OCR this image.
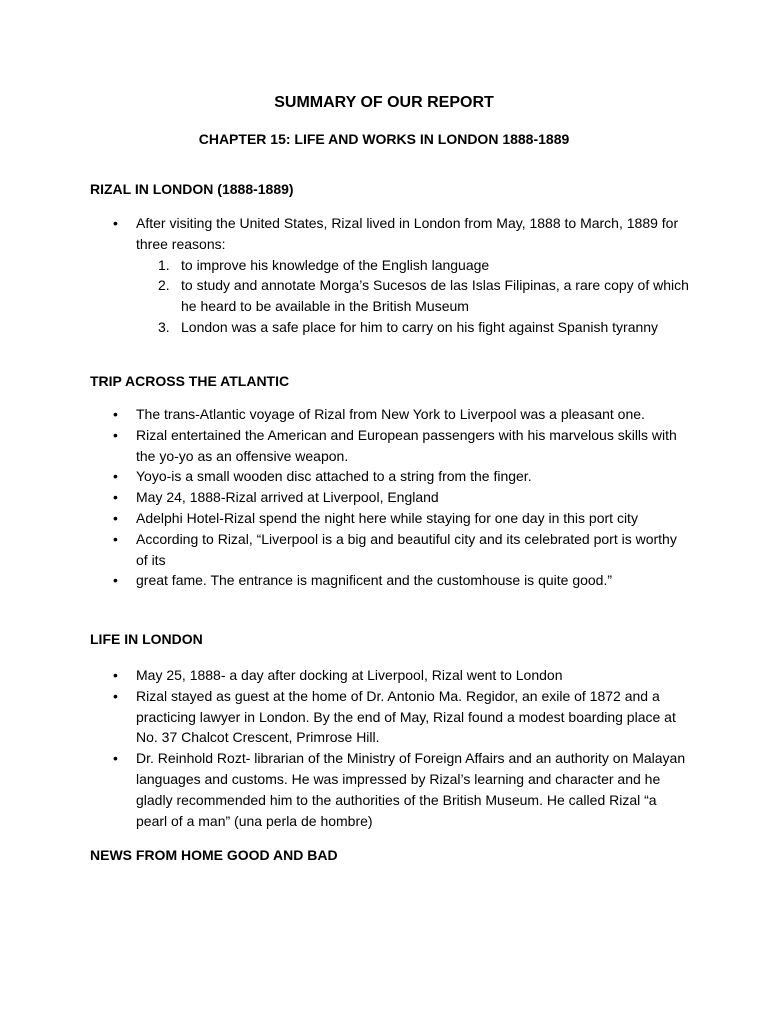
SUMMARY OF OUR REPORT
CHAPTER 15: LIFE AND WORKS IN LONDON 1888-1889
RIZAL IN LONDON (1888-1889)
• After visiting the United States, Rizal lived in London from May, 1888 to March, 1889 for three reasons:
1. to improve his knowledge of the English language
2. to study and annotate Morga’s Sucesos de las Islas Filipinas, a rare copy of which he heard to be available in the British Museum
3. London was a safe place for him to carry on his fight against Spanish tyranny
TRIP ACROSS THE ATLANTIC
• The trans-Atlantic voyage of Rizal from New York to Liverpool was a pleasant one.
• Rizal entertained the American and European passengers with his marvelous skills with the yo-yo as an offensive weapon.
• Yoyo-is a small wooden disc attached to a string from the finger.
• May 24, 1888-Rizal arrived at Liverpool, England
• Adelphi Hotel-Rizal spend the night here while staying for one day in this port city
• According to Rizal, “Liverpool is a big and beautiful city and its celebrated port is worthy of its
• great fame. The entrance is magnificent and the customhouse is quite good.”
LIFE IN LONDON
• May 25, 1888- a day after docking at Liverpool, Rizal went to London
• Rizal stayed as guest at the home of Dr. Antonio Ma. Regidor, an exile of 1872 and a practicing lawyer in London. By the end of May, Rizal found a modest boarding place at No. 37 Chalcot Crescent, Primrose Hill.
• Dr. Reinhold Rozt- librarian of the Ministry of Foreign Affairs and an authority on Malayan languages and customs. He was impressed by Rizal’s learning and character and he gladly recommended him to the authorities of the British Museum. He called Rizal “a pearl of a man” (una perla de hombre)
NEWS FROM HOME GOOD AND BAD
